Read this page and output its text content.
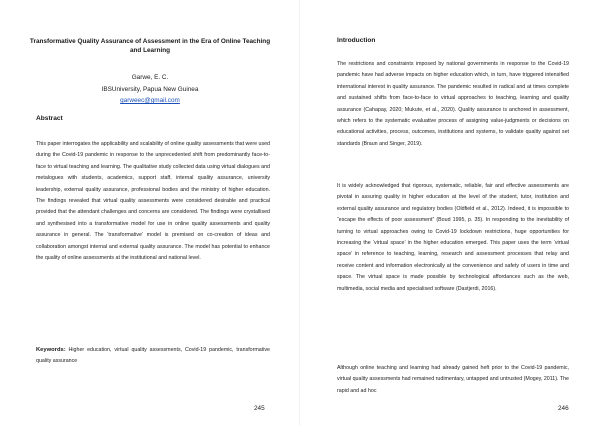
Transformative Quality Assurance of Assessment in the Era of Online Teaching and Learning
Garwe, E. C.
IBSUniversity, Papua New Guinea
garweec@gmail.com
Abstract

This paper interrogates the applicability and scalability of online quality assessments that were used during the Covid-19 pandemic in response to the unprecedented shift from predominantly face-to-face to virtual teaching and learning. The qualitative study collected data using virtual dialogues and metalogues with students, academics, support staff, internal quality assurance, university leadership, external quality assurance, professional bodies and the ministry of higher education. The findings revealed that virtual quality assessments were considered desirable and practical provided that the attendant challenges and concerns are considered. The findings were crystallised and synthesised into a transformative model for use in online quality assessments and quality assurance in general. The ‘transformative’ model is premised on co-creation of ideas and collaboration amongst internal and external quality assurance. The model has potential to enhance the quality of online assessments at the institutional and national level.

Keywords: Higher education, virtual quality assessments, Covid-19 pandemic, transformative quality assurance

245
Introduction

The restrictions and constraints imposed by national governments in response to the Covid-19 pandemic have had adverse impacts on higher education which, in turn, have triggered intensified international interest in quality assurance. The pandemic resulted in radical and at times complete and sustained shifts from face-to-face to virtual approaches to teaching, learning and quality assurance (Cahapay, 2020; Mukute, et al., 2020). Quality assurance is anchored in assessment, which refers to the systematic evaluative process of assigning value-judgments or decisions on educational activities, process, outcomes, institutions and systems, to validate quality against set standards (Braun and Singer, 2019).

It is widely acknowledged that rigorous, systematic, reliable, fair and effective assessments are pivotal in assuring quality in higher education at the level of the student, tutor, institution and external quality assurance and regulatory bodies (Oldfield et al., 2012). Indeed, it is impossible to “escape the effects of poor assessment” (Boud 1995, p. 35). In responding to the inevitability of turning to virtual approaches owing to Covid-19 lockdown restrictions, huge opportunities for increasing the ‘virtual space’ in the higher education emerged. This paper uses the term ‘virtual space’ in reference to teaching, learning, research and assessment processes that relay and receive content and information electronically at the convenience and safety of users in time and space. The virtual space is made possible by technological affordances such as the web, multimedia, social media and specialised software (Dastjerdi, 2016).

Although online teaching and learning had already gained heft prior to the Covid-19 pandemic, virtual quality assessments had remained rudimentary, untapped and untrusted (Mogey, 2011). The rapid and ad hoc

246
